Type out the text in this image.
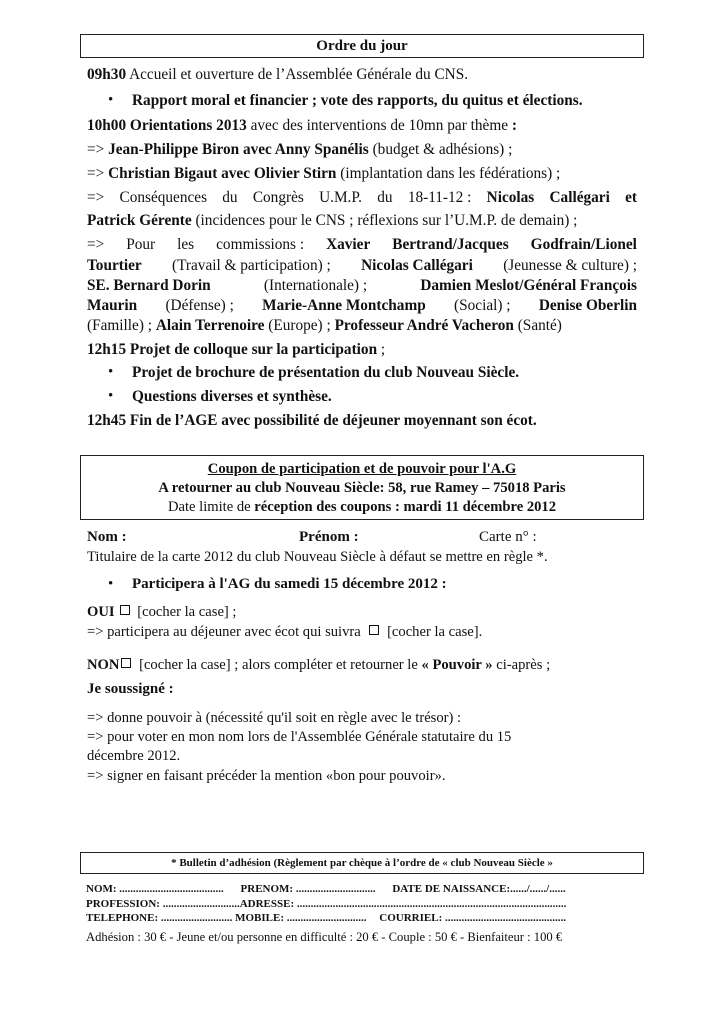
Ordre du jour
09h30 Accueil et ouverture de l’Assemblée Générale du CNS.
• Rapport moral et financier ; vote des rapports, du quitus et élections.
10h00 Orientations 2013 avec des interventions de 10mn par thème :
=> Jean-Philippe Biron avec Anny Spanélis (budget & adhésions) ;
=> Christian Bigaut avec Olivier Stirn (implantation dans les fédérations) ;
=> Conséquences du Congrès U.M.P. du 18-11-12 : Nicolas Callégari et
Patrick Gérente (incidences pour le CNS ; réflexions sur l’U.M.P. de demain) ;
=> Pour les commissions : Xavier Bertrand/Jacques Godfrain/Lionel
Tourtier (Travail & participation) ; Nicolas Callégari (Jeunesse & culture) ;
SE. Bernard Dorin	(Internationale) ;	Damien Meslot/Général François
Maurin (Défense) ; Marie-Anne Montchamp (Social) ; Denise Oberlin
(Famille) ; Alain Terrenoire (Europe) ; Professeur André Vacheron (Santé)
12h15 Projet de colloque sur la participation ;
• Projet de brochure de présentation du club Nouveau Siècle.
• Questions diverses et synthèse.
12h45 Fin de l’AGE avec possibilité de déjeuner moyennant son écot.
Coupon de participation et de pouvoir pour l'A.G
A retourner au club Nouveau Siècle: 58, rue Ramey – 75018 Paris
Date limite de réception des coupons : mardi 11 décembre 2012
Nom :	Prénom :	Carte n° :
Titulaire de la carte 2012 du club Nouveau Siècle à défaut se mettre en règle *.
• Participera à l'AG du samedi 15 décembre 2012 :
OUI [cocher la case] ;
=> participera au déjeuner avec écot qui suivra [cocher la case].
NON [cocher la case] ; alors compléter et retourner le « Pouvoir » ci-après ;
Je soussigné :
=> donne pouvoir à (nécessité qu'il soit en règle avec le trésor) :
=> pour voter en mon nom lors de l'Assemblée Générale statutaire du 15
décembre 2012.
=> signer en faisant précéder la mention «bon pour pouvoir».
* Bulletin d’adhésion (Règlement par chèque à l’ordre de « club Nouveau Siècle »
NOM: ...................................... PRENOM: ............................. DATE DE NAISSANCE:....../....../......
PROFESSION: ............................ADRESSE: ..................................................................................................
TELEPHONE: .......................... MOBILE: ............................. COURRIEL: ............................................
Adhésion : 30 € - Jeune et/ou personne en difficulté : 20 € - Couple : 50 € - Bienfaiteur : 100 €
